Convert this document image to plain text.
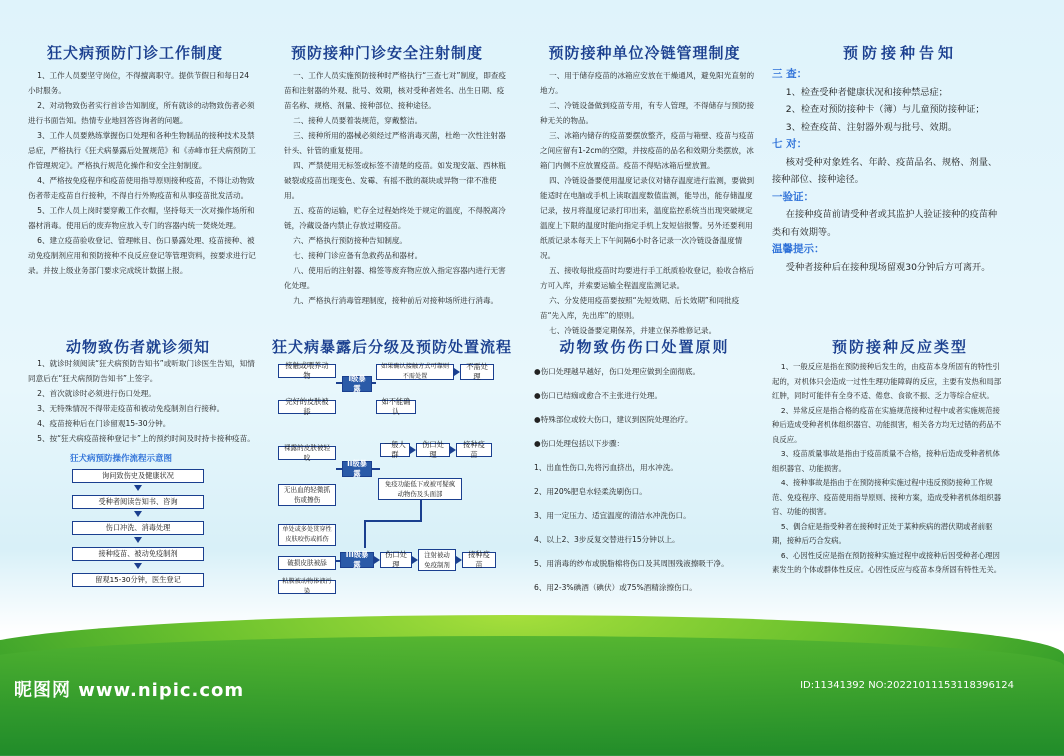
狂犬病预防门诊工作制度

1、工作人员要坚守岗位，不得擅离职守。提供节假日和每日24小时服务。

2、对动物致伤者实行首诊告知制度，所有就诊的动物致伤者必须进行书面告知。热情专业地回答咨询者的问题。

3、工作人员要熟练掌握伤口处理和各种生物制品的接种技术及禁忌症，严格执行《狂犬病暴露后处置规范》和《赤峰市狂犬病预防工作管理规定》。严格执行规范化操作和安全注射制度。

4、严格按免疫程序和疫苗使用指导原则接种疫苗，不得让动物致伤者带走疫苗自行接种，不得自行外购疫苗和从事疫苗批发活动。

5、工作人员上岗时要穿戴工作衣帽，坚持每天一次对操作场所和器材消毒。使用后的废弃物应放入专门的容器内统一焚烧处理。

6、建立疫苗验收登记、管理帐目、伤口暴露处理、疫苗接种、被动免疫制剂应用和预防接种不良反应登记等管理资料，按要求进行记录。并按上级业务部门要求完成统计数据上报。

预防接种门诊安全注射制度

一、工作人员实施预防接种时严格执行“三查七对”制度，即查疫苗和注射器的外观、批号、效期，核对受种者姓名、出生日期、疫苗名称、规格、剂量、接种部位、接种途径。

二、接种人员要着装规范，穿戴整洁。

三、接种所用的器械必须经过严格消毒灭菌，杜绝一次性注射器针头、针管的重复使用。

四、严禁使用无标签或标签不清楚的疫苗。如发现安瓿、西林瓶破裂或疫苗出现变色、发霉、有摇不散的凝块或异物一律不准使用。

五、疫苗的运输，贮存全过程始终处于规定的温度，不得脱离冷链，冷藏设备内禁止存放过期疫苗。

六、严格执行预防接种告知制度。

七、接种门诊应备有急救药品和器材。

八、使用后的注射器、棉签等废弃物应放入指定容器内进行无害化处理。

九、严格执行消毒管理制度，接种前后对接种场所进行消毒。

预防接种单位冷链管理制度

一、用于储存疫苗的冰箱应安放在干燥通风，避免阳光直射的地方。

二、冷链设备做到疫苗专用，有专人管理，不得储存与预防接种无关的物品。

三、冰箱内储存的疫苗要摆放整齐，疫苗与箱壁、疫苗与疫苗之间应留有1-2cm的空隙，并按疫苗的品名和效期分类摆放，冰箱门内侧不应放置疫苗。疫苗不得贴冰箱后壁放置。

四、冷链设备要使用温度记录仪对储存温度进行监测，要做到能适时在电脑或手机上读取温度数值监测，能导出，能存储温度记录，按月将温度记录打印出来，温度监控系统当出现突破规定温度上下限的温度时能向指定手机上发短信报警。另外还要利用纸质记录本每天上下午间隔6小时各记录一次冷链设备温度情况。

五、接收每批疫苗时均要进行手工纸质验收登记，验收合格后方可入库，并索要运输全程温度监测记录。

六、分发使用疫苗要按照“先短效期、后长效期”和同批疫苗“先入库，先出库”的原则。

七、冷链设备要定期保养，并建立保养维修记录。

预防接种告知
三 查：

1、检查受种者健康状况和接种禁忌症；

2、检查对预防接种卡（簿）与儿童预防接种证；

3、检查疫苗、注射器外观与批号、效期。

七 对：

核对受种对象姓名、年龄、疫苗品名、规格、剂量、接种部位、接种途径。

一验证：

在接种疫苗前请受种者或其监护人验证接种的疫苗种类和有效期等。

温馨提示：

受种者接种后在接种现场留观30分钟后方可离开。

动物致伤者就诊须知

1、就诊时须阅读“狂犬病预防告知书”或听取门诊医生告知，知情同意后在“狂犬病预防告知书”上签字。

2、首次就诊时必须进行伤口处理。

3、无特殊情况不得带走疫苗和被动免疫制剂自行接种。

4、疫苗接种后在门诊留观15-30分钟。

5、按“狂犬病疫苗接种登记卡”上的预约时间及时持卡接种疫苗。

狂犬病预防操作流程示意图
询问致伤史及健康状况
受种者阅读告知书、咨询
伤口冲洗、消毒处理
接种疫苗、被动免疫制剂
留观15-30分钟，医生登记
狂犬病暴露后分级及预防处置流程
接触或喂养动物
完好的皮肤被舔
I级暴露
如果确认接触方式可靠则不需处置
不需处理
如不能确认
裸露的皮肤被轻咬
无出血的轻微抓伤或擦伤
II级暴露
一般人群
伤口处理
接种疫苗
免疫功能低下或被可疑疯动物伤及头面部
单处或多处贯穿性皮肤咬伤或抓伤
破损皮肤被舔
粘膜被动物体液污染
III级暴露
伤口处理
注射被动免疫制剂
接种疫苗
动物致伤伤口处置原则
●伤口处理越早越好，伤口处理应做到全面彻底。
●伤口已结痂或愈合不主张进行处理。
●特殊部位或较大伤口，建议到医院处理治疗。
●伤口处理包括以下步骤：
1、出血性伤口,先将污血挤出，用水冲洗。
2、用20%肥皂水轻柔洗刷伤口。
3、用一定压力、适宜温度的清洁水冲洗伤口。
4、以上2、3步反复交替进行15分钟以上。
5、用消毒的纱布或脱脂棉将伤口及其周围残液擦吸干净。
6、用2-3%碘酒（碘伏）或75%酒精涂擦伤口。
预防接种反应类型

1、一般反应是指在预防接种后发生的，由疫苗本身所固有的特性引起的，对机体只会造成一过性生理功能障碍的反应，主要有发热和局部红肿，同时可能伴有全身不适、倦怠、食欲不振、乏力等综合症状。

2、异常反应是指合格的疫苗在实施规范接种过程中或者实施规范接种后造成受种者机体组织器官、功能损害，相关各方均无过错的药品不良反应。

3、疫苗质量事故是指由于疫苗质量不合格，接种后造成受种者机体组织器官、功能损害。

4、接种事故是指由于在预防接种实施过程中违反预防接种工作规范、免疫程序、疫苗使用指导原则、接种方案，造成受种者机体组织器官、功能的损害。

5、偶合症是指受种者在接种时正处于某种疾病的潜伏期或者前驱期，接种后巧合发病。

6、心因性反应是指在预防接种实施过程中或接种后因受种者心理因素发生的个体或群体性反应。心因性反应与疫苗本身所固有特性无关。

昵图网 www.nipic.com	ID:11341392 NO:20221011153118396124
